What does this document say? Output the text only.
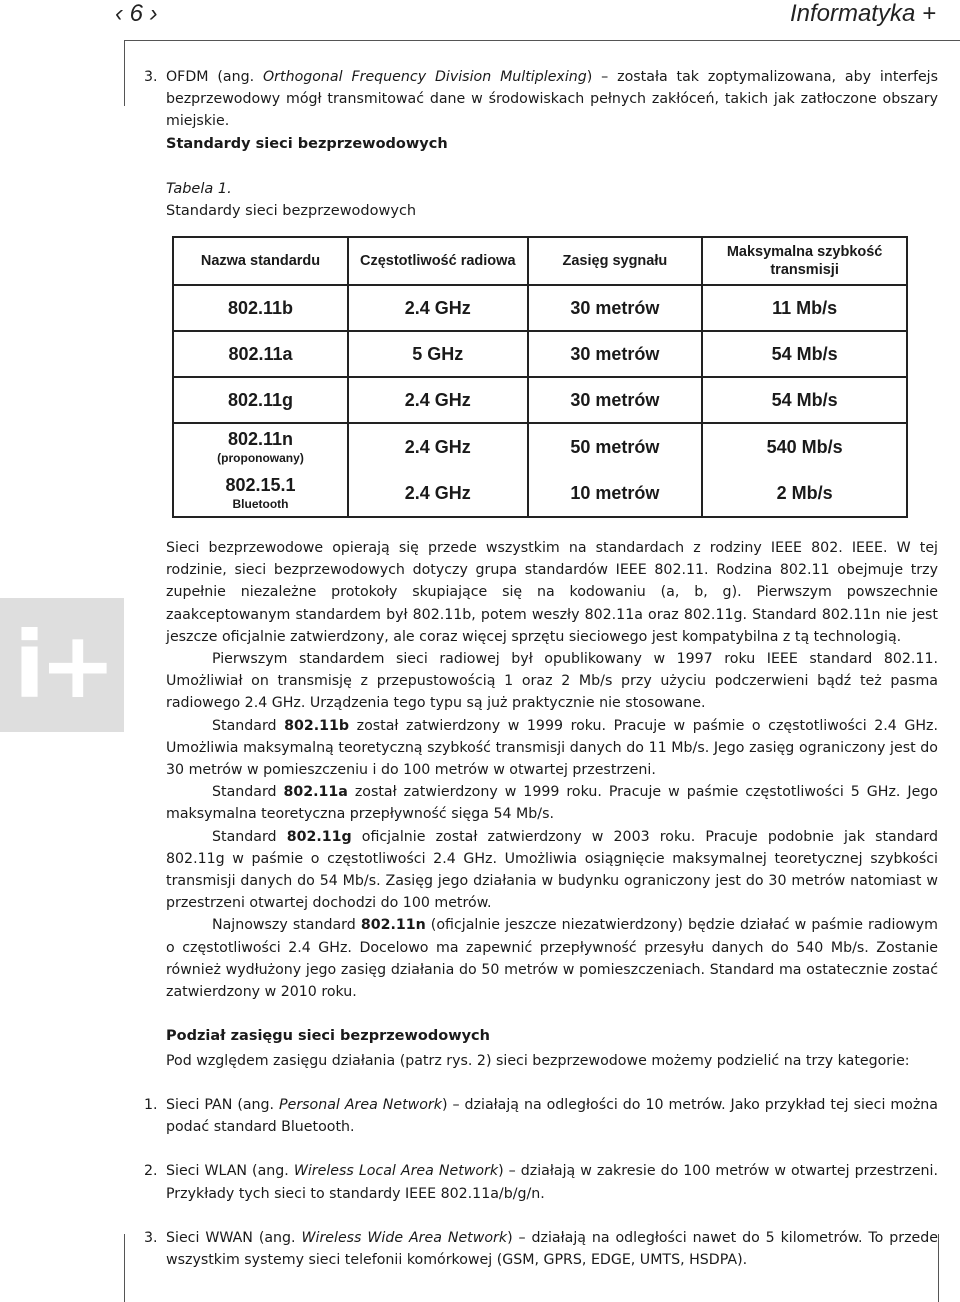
‹ 6 ›	Informatyka +
i+
3. OFDM (ang. Orthogonal Frequency Division Multiplexing) – została tak zoptymalizowana, aby interfejs bezprzewodowy mógł transmitować dane w środowiskach pełnych zakłóceń, takich jak zatłoczone obszary miejskie.

Standardy sieci bezprzewodowych
Tabela 1.
Standardy sieci bezprzewodowych
Nazwa standardu	Częstotliwość radiowa	Zasięg sygnału	Maksymalna szybkość transmisji

802.11b	2.4 GHz	30 metrów	11 Mb/s

802.11a	5 GHz	30 metrów	54 Mb/s

802.11g	2.4 GHz	30 metrów	54 Mb/s

802.11n
(proponowany)	2.4 GHz	50 metrów	540 Mb/s

802.15.1
Bluetooth	2.4 GHz	10 metrów	2 Mb/s

Sieci bezprzewodowe opierają się przede wszystkim na standardach z rodziny IEEE 802. IEEE. W tej rodzinie, sieci bezprzewodowych dotyczy grupa standardów IEEE 802.11. Rodzina 802.11 obejmuje trzy zupełnie niezależne protokoły skupiające się na kodowaniu (a, b, g). Pierwszym powszechnie zaakceptowanym standardem był 802.11b, potem weszły 802.11a oraz 802.11g. Standard 802.11n nie jest jeszcze oficjalnie zatwierdzony, ale coraz więcej sprzętu sieciowego jest kompatybilna z tą technologią.

Pierwszym standardem sieci radiowej był opublikowany w 1997 roku IEEE standard 802.11. Umożliwiał on transmisję z przepustowością 1 oraz 2 Mb/s przy użyciu podczerwieni bądź też pasma radiowego 2.4 GHz. Urządzenia tego typu są już praktycznie nie stosowane.

Standard 802.11b został zatwierdzony w 1999 roku. Pracuje w paśmie o częstotliwości 2.4 GHz. Umożliwia maksymalną teoretyczną szybkość transmisji danych do 11 Mb/s. Jego zasięg ograniczony jest do 30 metrów w pomieszczeniu i do 100 metrów w otwartej przestrzeni.

Standard 802.11a został zatwierdzony w 1999 roku. Pracuje w paśmie częstotliwości 5 GHz. Jego maksymalna teoretyczna przepływność sięga 54 Mb/s.

Standard 802.11g oficjalnie został zatwierdzony w 2003 roku. Pracuje podobnie jak standard 802.11g w paśmie o częstotliwości 2.4 GHz. Umożliwia osiągnięcie maksymalnej teoretycznej szybkości transmisji danych do 54 Mb/s. Zasięg jego działania w budynku ograniczony jest do 30 metrów natomiast w przestrzeni otwartej dochodzi do 100 metrów.

Najnowszy standard 802.11n (oficjalnie jeszcze niezatwierdzony) będzie działać w paśmie radiowym o częstotliwości 2.4 GHz. Docelowo ma zapewnić przepływność przesyłu danych do 540 Mb/s. Zostanie również wydłużony jego zasięg działania do 50 metrów w pomieszczeniach. Standard ma ostatecznie zostać zatwierdzony w 2010 roku.

Podział zasięgu sieci bezprzewodowych
Pod względem zasięgu działania (patrz rys. 2) sieci bezprzewodowe możemy podzielić na trzy kategorie:
1. Sieci PAN (ang. Personal Area Network) – działają na odległości do 10 metrów. Jako przykład tej sieci można podać standard Bluetooth.

2. Sieci WLAN (ang. Wireless Local Area Network) – działają w zakresie do 100 metrów w otwartej przestrzeni. Przykłady tych sieci to standardy IEEE 802.11a/b/g/n.

3. Sieci WWAN (ang. Wireless Wide Area Network) – działają na odległości nawet do 5 kilometrów. To przede wszystkim systemy sieci telefonii komórkowej (GSM, GPRS, EDGE, UMTS, HSDPA).
